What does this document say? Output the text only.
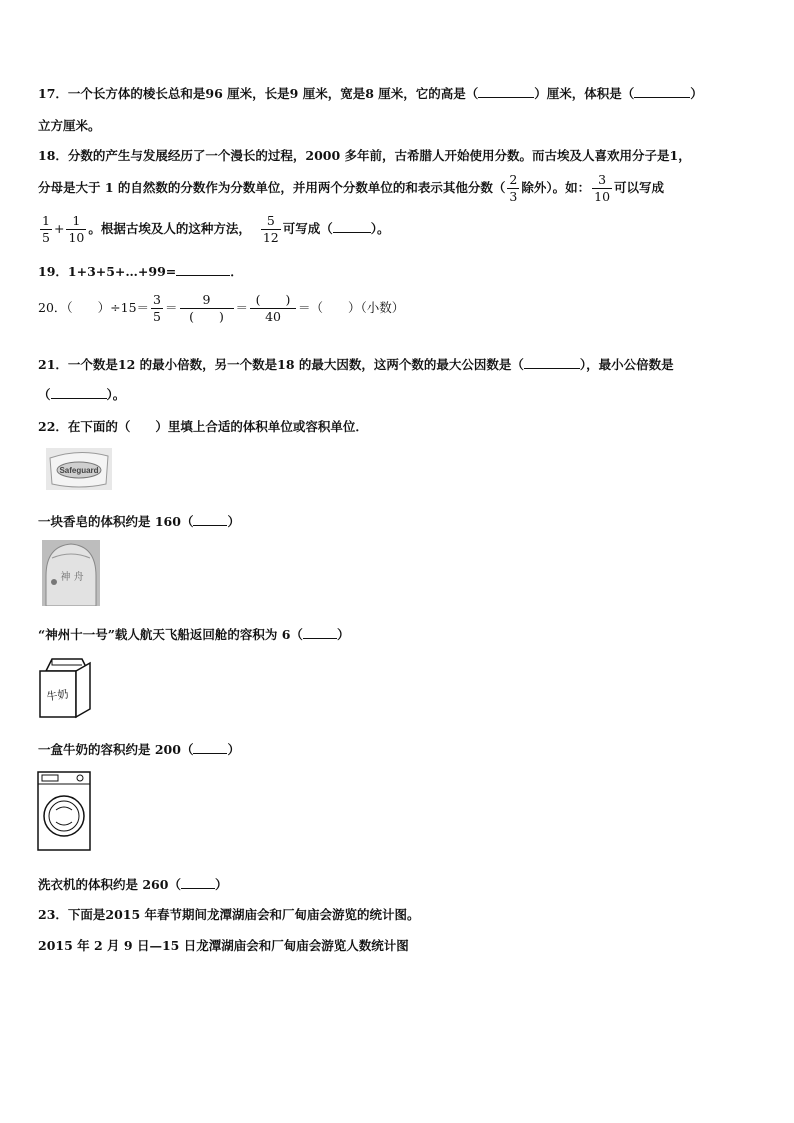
17．一个长方体的棱长总和是96 厘米，长是9 厘米，宽是8 厘米，它的高是（	）厘米，体积是（	）
立方厘米。
18．分数的产生与发展经历了一个漫长的过程，2000 多年前，古希腊人开始使用分数。而古埃及人喜欢用分子是1，
分母是大于 1 的自然数的分数作为分数单位，并用两个分数单位的和表示其他分数（ $\frac{2}{3}$ 除外）。如： $\frac{3}{10}$ 可以写成
$\frac{1}{5} + \frac{1}{10}$ 。根据古埃及人的这种方法， $\frac{5}{12}$ 可写成（	）。
19．1+3+5+…+99=	．
20．（　　）$\div 15= \frac{3}{5} = \frac{9}{( )} = \frac{( )}{40}$ ＝（　　）（小数）
21．一个数是12 的最小倍数，另一个数是18 的最大因数，这两个数的最大公因数是（	），最小公倍数是
（	）。
22．在下面的（　　）里填上合适的体积单位或容积单位．
Safeguard
一块香皂的体积约是 160（	）
神 舟
“神州十一号”载人航天飞船返回舱的容积为 6（	）
牛奶
一盒牛奶的容积约是 200（	）
洗衣机的体积约是 260（	）
23．下面是2015 年春节期间龙潭湖庙会和厂甸庙会游览的统计图。
2015 年 2 月 9 日—15 日龙潭湖庙会和厂甸庙会游览人数统计图
